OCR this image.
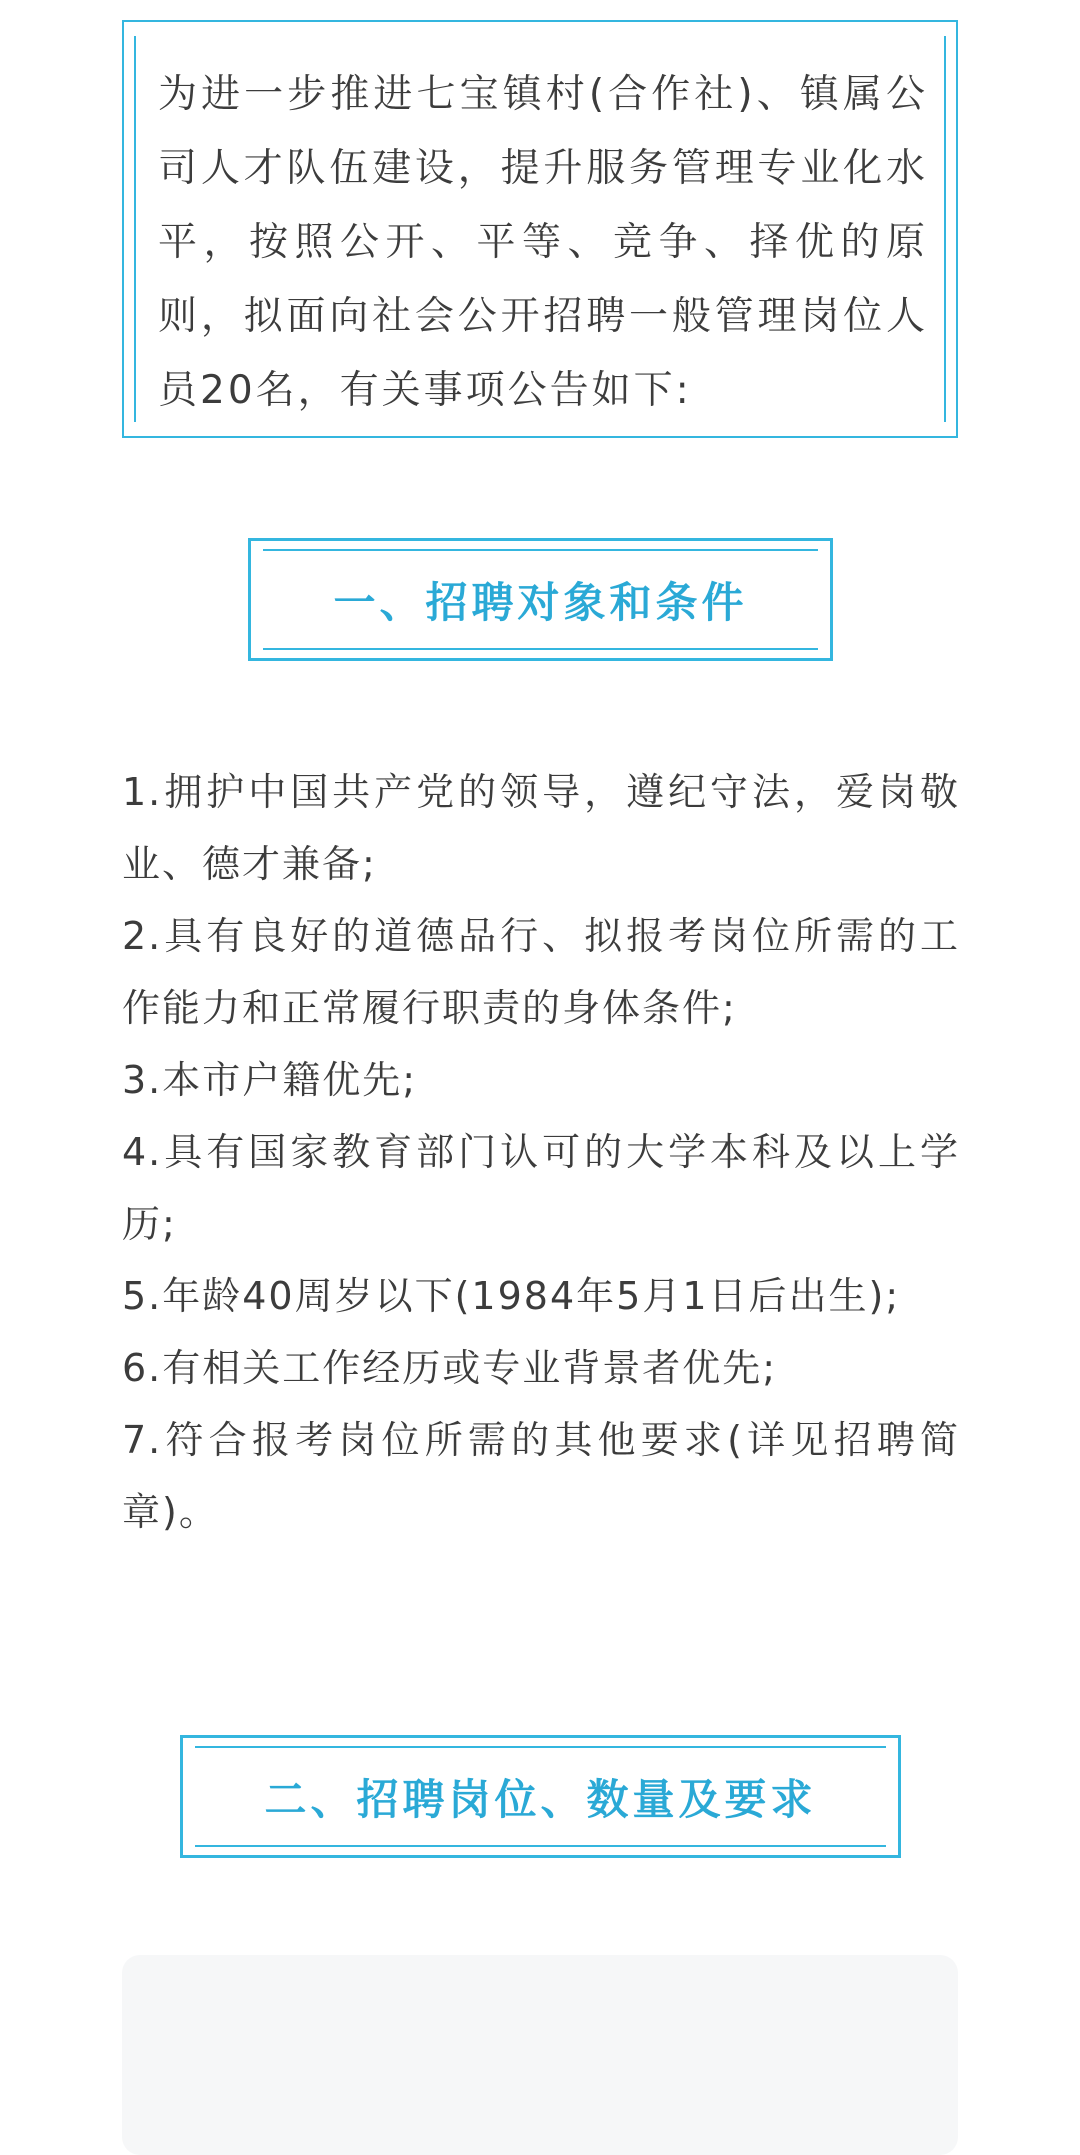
为进一步推进七宝镇村(合作社)、镇属公司人才队伍建设，提升服务管理专业化水平，按照公开、平等、竞争、择优的原则，拟面向社会公开招聘一般管理岗位人员20名，有关事项公告如下:

一、招聘对象和条件
1.拥护中国共产党的领导，遵纪守法，爱岗敬业、德才兼备;
2.具有良好的道德品行、拟报考岗位所需的工作能力和正常履行职责的身体条件;
3.本市户籍优先;
4.具有国家教育部门认可的大学本科及以上学历;
5.年龄40周岁以下(1984年5月1日后出生);
6.有相关工作经历或专业背景者优先;
7.符合报考岗位所需的其他要求(详见招聘简章)。
二、招聘岗位、数量及要求
